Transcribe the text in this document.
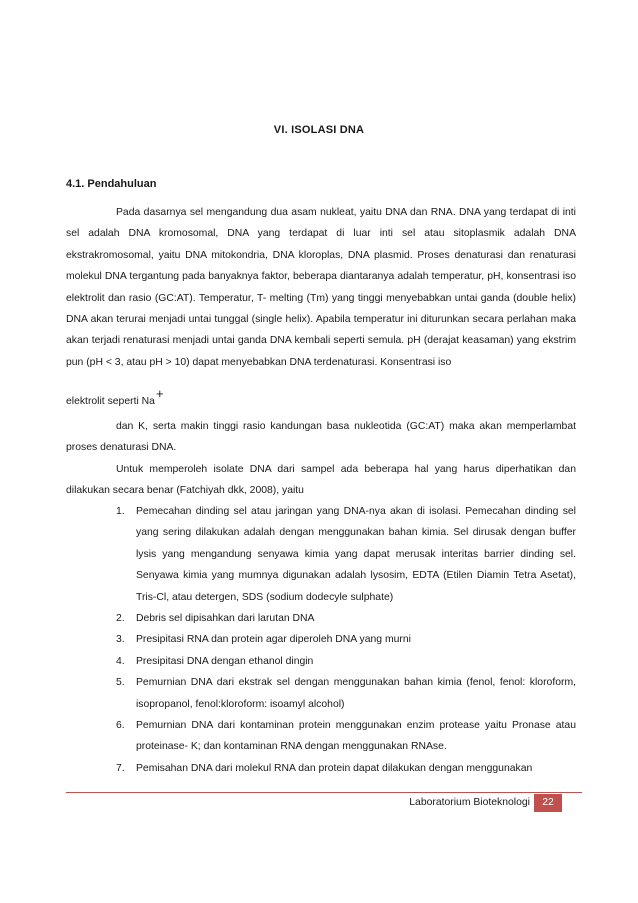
VI. ISOLASI DNA
4.1. Pendahuluan

Pada dasarnya sel mengandung dua asam nukleat, yaitu DNA dan RNA. DNA yang terdapat di inti sel adalah DNA kromosomal, DNA yang terdapat di luar inti sel atau sitoplasmik adalah DNA ekstrakromosomal, yaitu DNA mitokondria, DNA kloroplas, DNA plasmid. Proses denaturasi dan renaturasi molekul DNA tergantung pada banyaknya faktor, beberapa diantaranya adalah temperatur, pH, konsentrasi iso elektrolit dan rasio (GC:AT). Temperatur, T- melting (Tm) yang tinggi menyebabkan untai ganda (double helix) DNA akan terurai menjadi untai tunggal (single helix). Apabila temperatur ini diturunkan secara perlahan maka akan terjadi renaturasi menjadi untai ganda DNA kembali seperti semula. pH (derajat keasaman) yang ekstrim pun (pH < 3, atau pH > 10) dapat menyebabkan DNA terdenaturasi. Konsentrasi iso

elektrolit seperti Na+

dan K, serta makin tinggi rasio kandungan basa nukleotida (GC:AT) maka akan memperlambat proses denaturasi DNA.

Untuk memperoleh isolate DNA dari sampel ada beberapa hal yang harus diperhatikan dan dilakukan secara benar (Fatchiyah dkk, 2008), yaitu

1. Pemecahan dinding sel atau jaringan yang DNA-nya akan di isolasi. Pemecahan dinding sel yang sering dilakukan adalah dengan menggunakan bahan kimia. Sel dirusak dengan buffer lysis yang mengandung senyawa kimia yang dapat merusak interitas barrier dinding sel. Senyawa kimia yang mumnya digunakan adalah lysosim, EDTA (Etilen Diamin Tetra Asetat), Tris-Cl, atau detergen, SDS (sodium dodecyle sulphate)
2. Debris sel dipisahkan dari larutan DNA
3. Presipitasi RNA dan protein agar diperoleh DNA yang murni
4. Presipitasi DNA dengan ethanol dingin
5. Pemurnian DNA dari ekstrak sel dengan menggunakan bahan kimia (fenol, fenol: kloroform, isopropanol, fenol:kloroform: isoamyl alcohol)
6. Pemurnian DNA dari kontaminan protein menggunakan enzim protease yaitu Pronase atau proteinase- K; dan kontaminan RNA dengan menggunakan RNAse.
7. Pemisahan DNA dari molekul RNA dan protein dapat dilakukan dengan menggunakan
Laboratorium Bioteknologi	22
